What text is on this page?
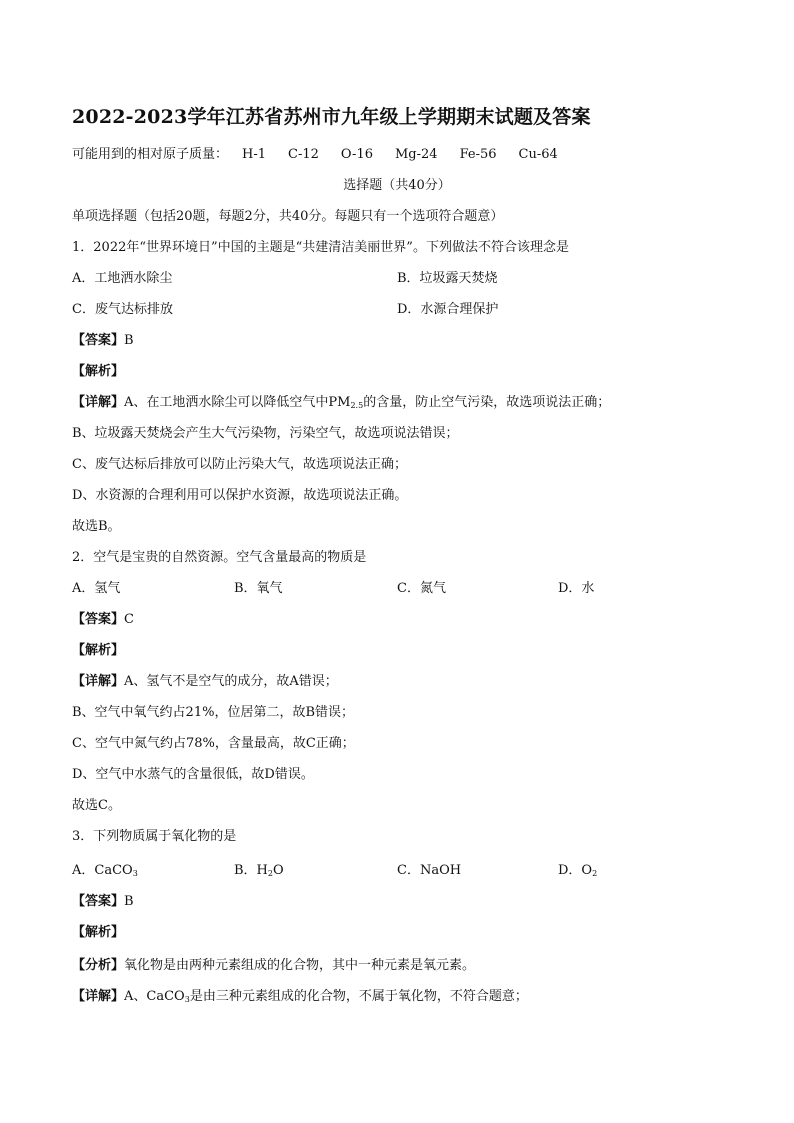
2022-2023学年江苏省苏州市九年级上学期期末试题及答案
可能用到的相对原子质量： H-1 C-12 O-16 Mg-24 Fe-56 Cu-64
选择题（共40分）
单项选择题（包括20题，每题2分，共40分。每题只有一个选项符合题意）
1．2022年“世界环境日”中国的主题是“共建清洁美丽世界”。下列做法不符合该理念是
A．工地洒水除尘	B．垃圾露天焚烧
C．废气达标排放	D．水源合理保护
【答案】B
【解析】
【详解】A、在工地洒水除尘可以降低空气中$PM_{2.5}$的含量，防止空气污染，故选项说法正确；
B、垃圾露天焚烧会产生大气污染物，污染空气，故选项说法错误；
C、废气达标后排放可以防止污染大气，故选项说法正确；
D、水资源的合理利用可以保护水资源，故选项说法正确。
故选B。
2．空气是宝贵的自然资源。空气含量最高的物质是
A．氢气	B．氧气	C．氮气	D．水
【答案】C
【解析】
【详解】A、氢气不是空气的成分，故A错误；
B、空气中氧气约占21%，位居第二，故B错误；
C、空气中氮气约占78%，含量最高，故C正确；
D、空气中水蒸气的含量很低，故D错误。
故选C。
3．下列物质属于氧化物的是
A．CaCO$_3$	B．$H_2O$	C．NaOH	D．$O_2$
【答案】B
【解析】
【分析】氧化物是由两种元素组成的化合物，其中一种元素是氧元素。
【详解】A、CaCO$_3$是由三种元素组成的化合物，不属于氧化物，不符合题意；
